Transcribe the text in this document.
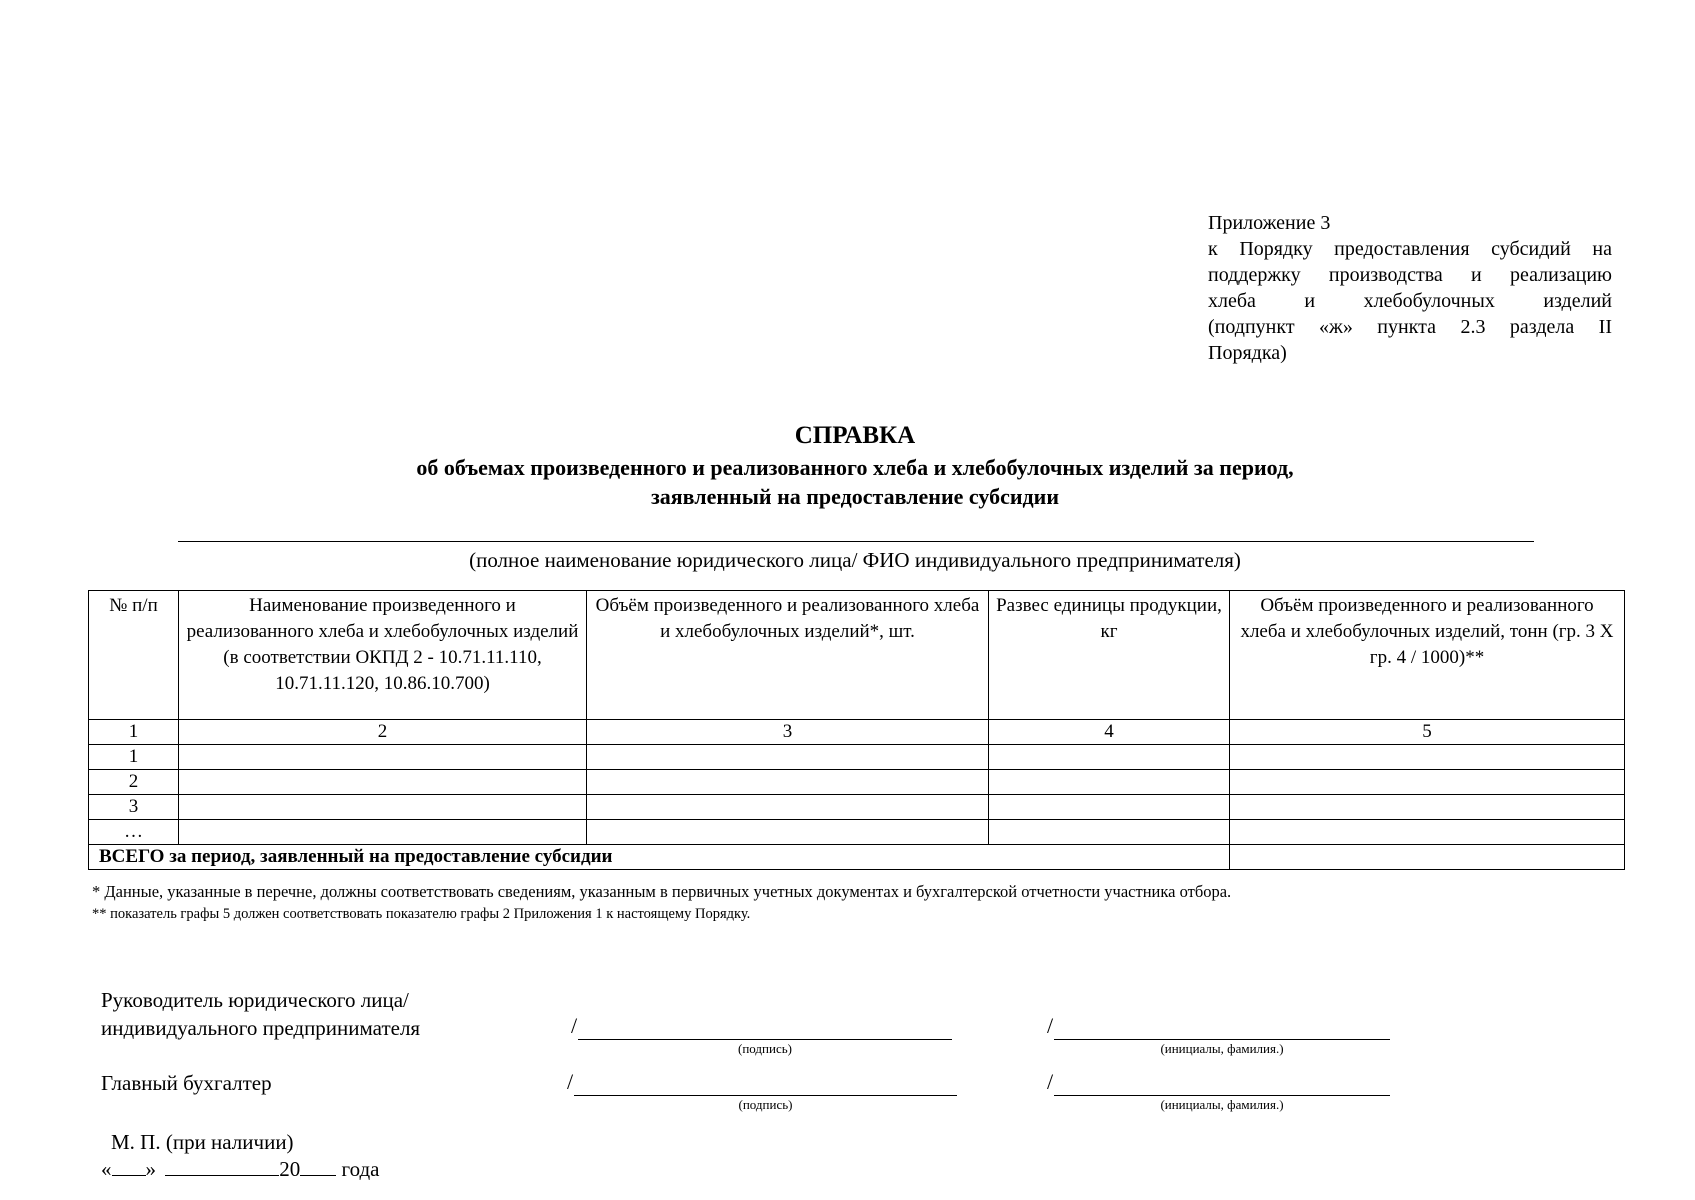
Приложение 3
к Порядку предоставления субсидий на
поддержку производства и реализацию
хлеба и хлебобулочных изделий
(подпункт «ж» пункта 2.3 раздела II
Порядка)
СПРАВКА
об объемах произведенного и реализованного хлеба и хлебобулочных изделий за период,
заявленный на предоставление субсидии
(полное наименование юридического лица/ ФИО индивидуального предпринимателя)
№ п/п	Наименование произведенного и реализованного хлеба и хлебобулочных изделий (в соответствии ОКПД 2 - 10.71.11.110, 10.71.11.120, 10.86.10.700)	Объём произведенного и реализованного хлеба и хлебобулочных изделий*, шт.	Развес единицы продукции, кг	Объём произведенного и реализованного хлеба и хлебобулочных изделий, тонн (гр. 3 Х гр. 4 / 1000)**
1	2	3	4	5
1				
2				
3				
…				
ВСЕГО за период, заявленный на предоставление субсидии				
* Данные, указанные в перечне, должны соответствовать сведениям, указанным в первичных учетных документах и бухгалтерской отчетности участника отбора.
** показатель графы 5 должен соответствовать показателю графы 2 Приложения 1 к настоящему Порядку.
Руководитель юридического лица/
индивидуального предпринимателя	/
(подпись)
/
(инициалы, фамилия.)
Главный бухгалтер	/
(подпись)
/
(инициалы, фамилия.)
М. П. (при наличии)
« »	20 года
